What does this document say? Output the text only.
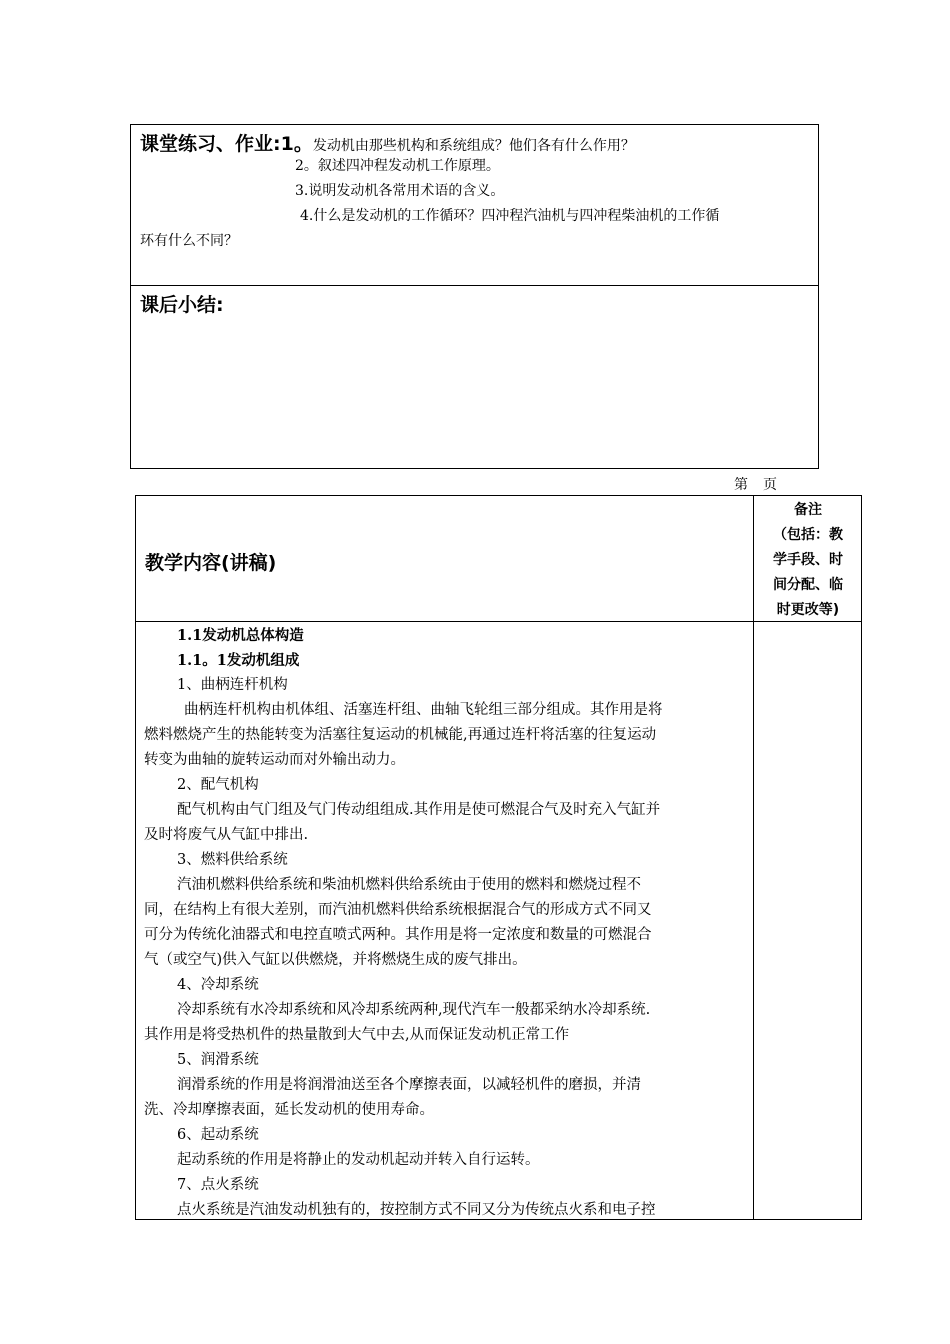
课堂练习、作业:1。发动机由那些机构和系统组成？他们各有什么作用？
2。叙述四冲程发动机工作原理。
3.说明发动机各常用术语的含义。
4.什么是发动机的工作循环？四冲程汽油机与四冲程柴油机的工作循
环有什么不同？
课后小结:
第 页
教学内容(讲稿)
备注
（包括：教
学手段、时
间分配、临
时更改等)

1.1发动机总体构造

1.1。1发动机组成

1、曲柄连杆机构

曲柄连杆机构由机体组、活塞连杆组、曲轴飞轮组三部分组成。其作用是将

燃料燃烧产生的热能转变为活塞往复运动的机械能,再通过连杆将活塞的往复运动

转变为曲轴的旋转运动而对外输出动力。

2、配气机构

配气机构由气门组及气门传动组组成.其作用是使可燃混合气及时充入气缸并

及时将废气从气缸中排出.

3、燃料供给系统

汽油机燃料供给系统和柴油机燃料供给系统由于使用的燃料和燃烧过程不

同，在结构上有很大差别，而汽油机燃料供给系统根据混合气的形成方式不同又

可分为传统化油器式和电控直喷式两种。其作用是将一定浓度和数量的可燃混合

气（或空气)供入气缸以供燃烧，并将燃烧生成的废气排出。

4、冷却系统

冷却系统有水冷却系统和风冷却系统两种,现代汽车一般都采纳水冷却系统.

其作用是将受热机件的热量散到大气中去,从而保证发动机正常工作

5、润滑系统

润滑系统的作用是将润滑油送至各个摩擦表面，以减轻机件的磨损，并清

洗、冷却摩擦表面，延长发动机的使用寿命。

6、起动系统

起动系统的作用是将静止的发动机起动并转入自行运转。

7、点火系统

点火系统是汽油发动机独有的，按控制方式不同又分为传统点火系和电子控
